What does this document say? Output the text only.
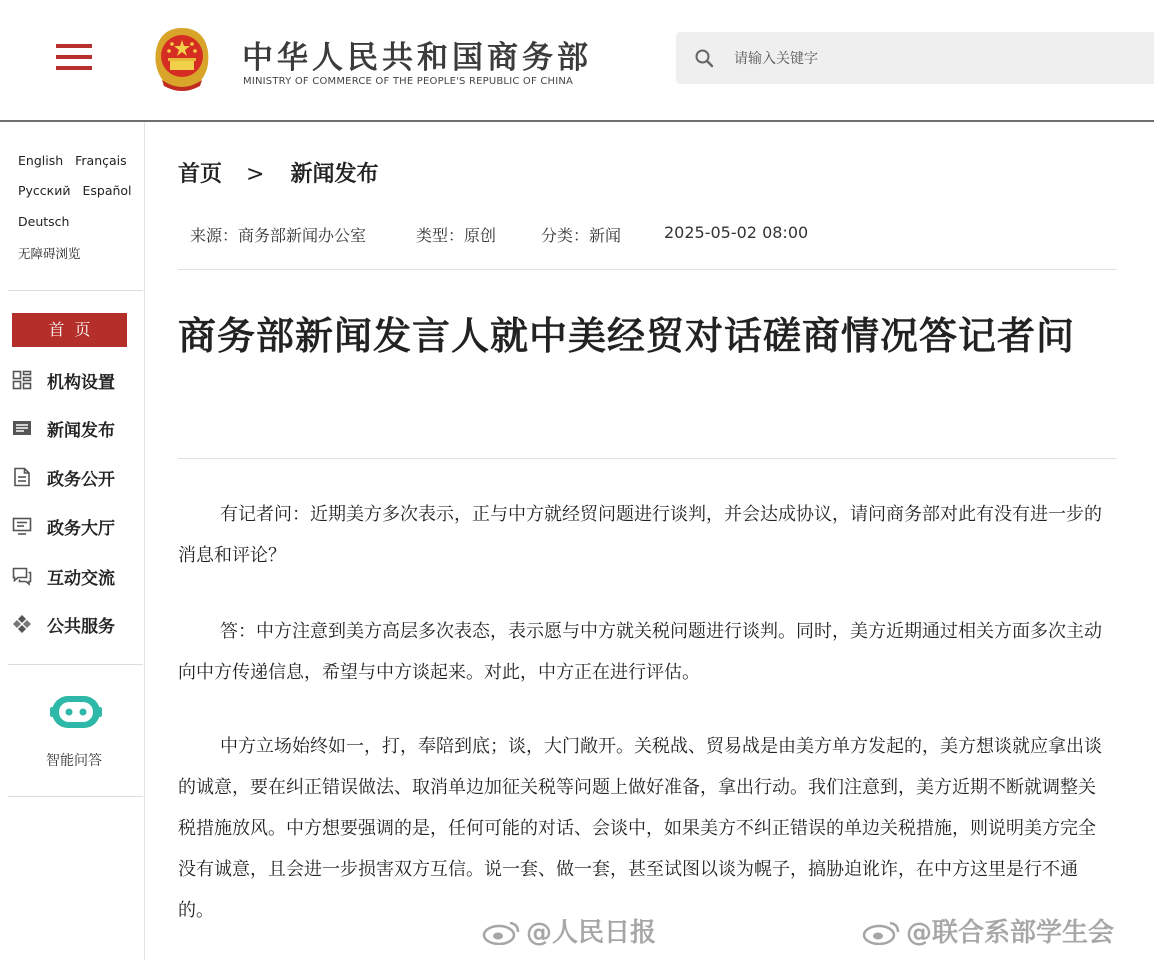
中华人民共和国商务部
MINISTRY OF COMMERCE OF THE PEOPLE'S REPUBLIC OF CHINA
请输入关键字
English Français
Русский Español
Deutsch
无障碍浏览
首页
机构设置
新闻发布
政务公开
政务大厅
互动交流
公共服务
智能问答
首页 > 新闻发布
来源：商务部新闻办公室	类型：原创	分类：新闻	2025-05-02 08:00
商务部新闻发言人就中美经贸对话磋商情况答记者问
有记者问：近期美方多次表示，正与中方就经贸问题进行谈判，并会达成协议，请问商务部对此有没有进一步的消息和评论？
答：中方注意到美方高层多次表态，表示愿与中方就关税问题进行谈判。同时，美方近期通过相关方面多次主动向中方传递信息，希望与中方谈起来。对此，中方正在进行评估。
中方立场始终如一，打，奉陪到底；谈，大门敞开。关税战、贸易战是由美方单方发起的，美方想谈就应拿出谈的诚意，要在纠正错误做法、取消单边加征关税等问题上做好准备，拿出行动。我们注意到，美方近期不断就调整关税措施放风。中方想要强调的是，任何可能的对话、会谈中，如果美方不纠正错误的单边关税措施，则说明美方完全没有诚意，且会进一步损害双方互信。说一套、做一套，甚至试图以谈为幌子，搞胁迫讹诈，在中方这里是行不通的。
@人民日报	@联合系部学生会
